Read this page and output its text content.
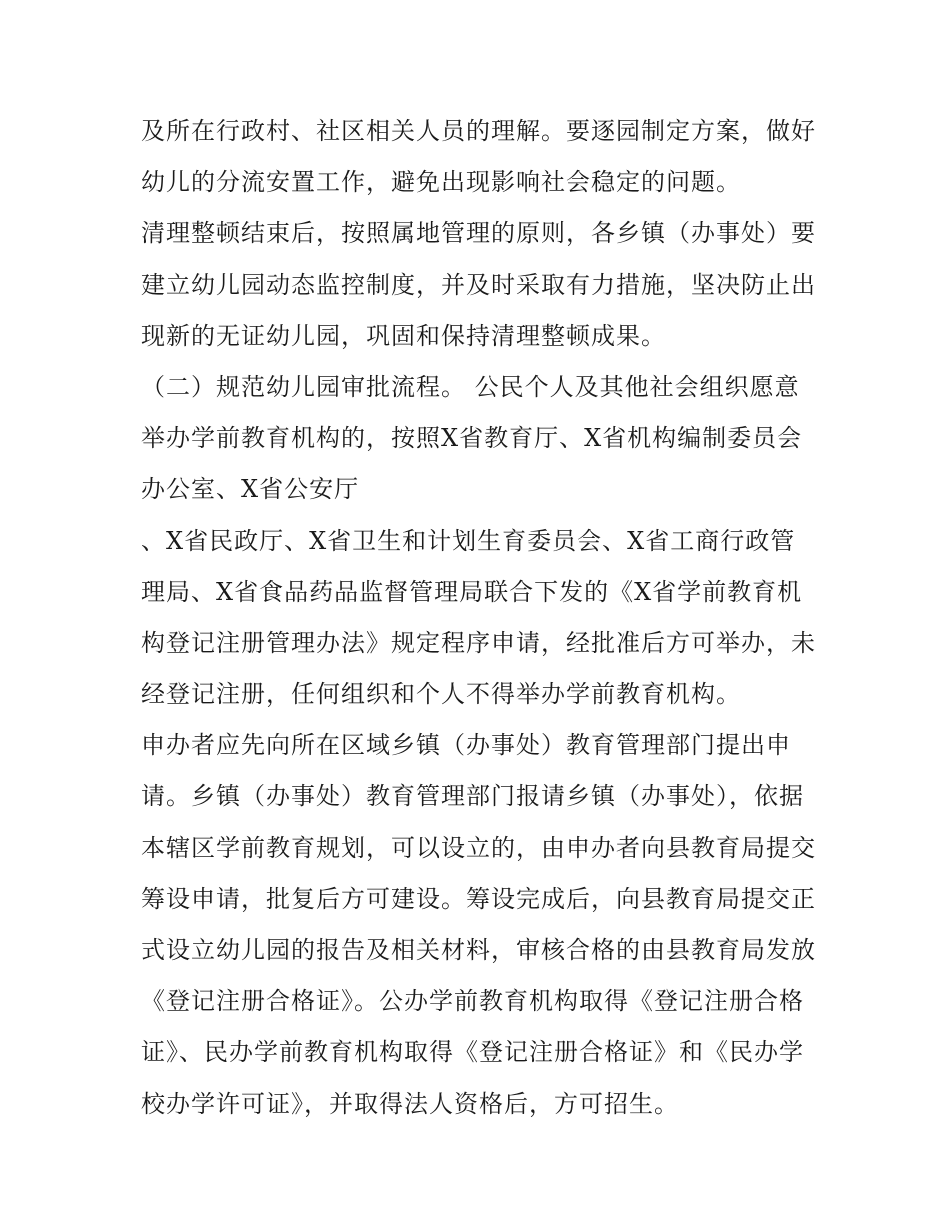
及所在行政村、社区相关人员的理解。要逐园制定方案，做好
幼儿的分流安置工作，避免出现影响社会稳定的问题。
清理整顿结束后，按照属地管理的原则，各乡镇（办事处）要
建立幼儿园动态监控制度，并及时采取有力措施，坚决防止出
现新的无证幼儿园，巩固和保持清理整顿成果。
（二）规范幼儿园审批流程。 公民个人及其他社会组织愿意
举办学前教育机构的，按照X省教育厅、X省机构编制委员会
办公室、X省公安厅
、X省民政厅、X省卫生和计划生育委员会、X省工商行政管
理局、X省食品药品监督管理局联合下发的《X省学前教育机
构登记注册管理办法》规定程序申请，经批准后方可举办，未
经登记注册，任何组织和个人不得举办学前教育机构。
申办者应先向所在区域乡镇（办事处）教育管理部门提出申
请。乡镇（办事处）教育管理部门报请乡镇（办事处），依据
本辖区学前教育规划，可以设立的，由申办者向县教育局提交
筹设申请，批复后方可建设。筹设完成后，向县教育局提交正
式设立幼儿园的报告及相关材料，审核合格的由县教育局发放
《登记注册合格证》。公办学前教育机构取得《登记注册合格
证》、民办学前教育机构取得《登记注册合格证》和《民办学
校办学许可证》，并取得法人资格后，方可招生。
